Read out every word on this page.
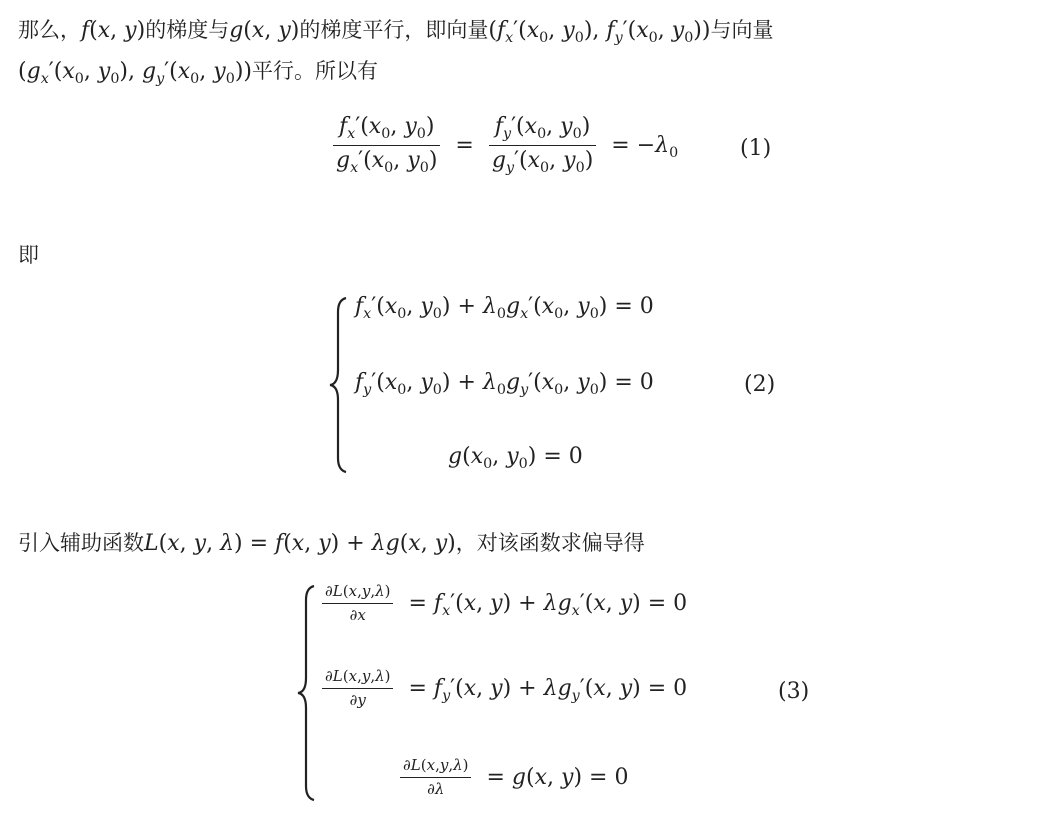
那么，f(x, y)的梯度与g(x, y)的梯度平行，即向量($f_x'(x_0$, $y_0$), $f_y'(x_0$, $y_0$))与向量
($g_x'(x_0$, $y_0$), $g_y'(x_0$, $y_0$))平行。所以有
$\frac{f_x'(x_0, y_0)}{g_x'(x_0, y_0)} = \frac{f_y'(x_0, y_0)}{g_y'(x_0, y_0)} = -\lambda_0$	(1)
即
$f_x'(x_0$, $y_0) + \lambda_0g_x'(x_0$, $y_0) = 0$
$f_y'(x_0$, $y_0) + \lambda_0g_y'(x_0$, $y_0) = 0$
$g(x_0$, $y_0) = 0$
(2)
引入辅助函数L(x, y, λ) = f(x, y) + λg(x, y)，对该函数求偏导得
$\frac{\partial L(x,y,\lambda)}{\partial x} = f_x'(x$, $y) + \lambda g_x'(x$, y) = 0
$\frac{\partial L(x,y,\lambda)}{\partial y} = f_y'(x$, $y) + \lambda g_y'(x$, y) = 0
$\frac{\partial L(x,y,\lambda)}{\partial\lambda} = g(x$, y) = 0
(3)
